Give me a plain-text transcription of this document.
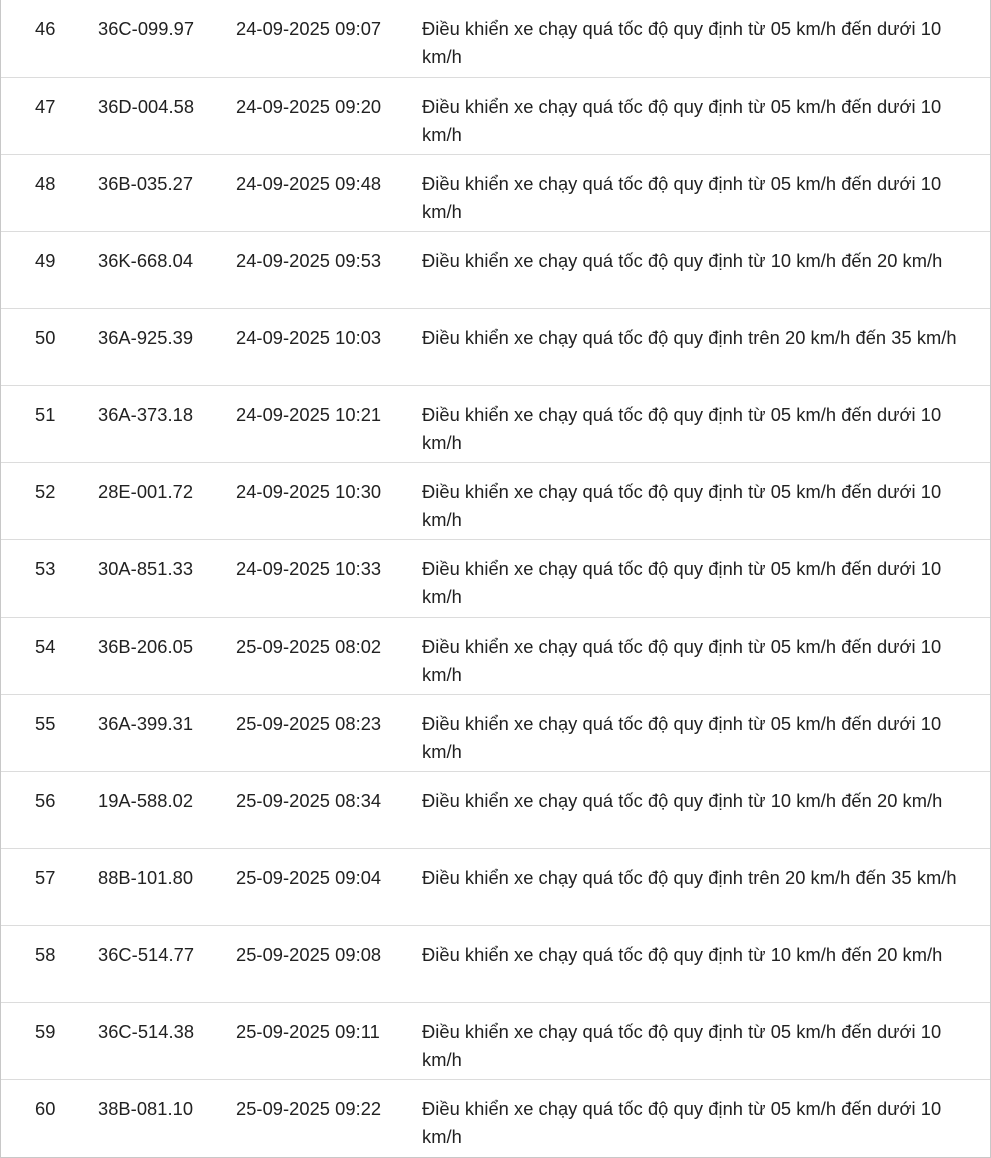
46	36C-099.97	24-09-2025 09:07	Điều khiển xe chạy quá tốc độ quy định từ 05 km/h đến dưới 10 km/h
47	36D-004.58	24-09-2025 09:20	Điều khiển xe chạy quá tốc độ quy định từ 05 km/h đến dưới 10 km/h
48	36B-035.27	24-09-2025 09:48	Điều khiển xe chạy quá tốc độ quy định từ 05 km/h đến dưới 10 km/h
49	36K-668.04	24-09-2025 09:53	Điều khiển xe chạy quá tốc độ quy định từ 10 km/h đến 20 km/h
50	36A-925.39	24-09-2025 10:03	Điều khiển xe chạy quá tốc độ quy định trên 20 km/h đến 35 km/h
51	36A-373.18	24-09-2025 10:21	Điều khiển xe chạy quá tốc độ quy định từ 05 km/h đến dưới 10 km/h
52	28E-001.72	24-09-2025 10:30	Điều khiển xe chạy quá tốc độ quy định từ 05 km/h đến dưới 10 km/h
53	30A-851.33	24-09-2025 10:33	Điều khiển xe chạy quá tốc độ quy định từ 05 km/h đến dưới 10 km/h
54	36B-206.05	25-09-2025 08:02	Điều khiển xe chạy quá tốc độ quy định từ 05 km/h đến dưới 10 km/h
55	36A-399.31	25-09-2025 08:23	Điều khiển xe chạy quá tốc độ quy định từ 05 km/h đến dưới 10 km/h
56	19A-588.02	25-09-2025 08:34	Điều khiển xe chạy quá tốc độ quy định từ 10 km/h đến 20 km/h
57	88B-101.80	25-09-2025 09:04	Điều khiển xe chạy quá tốc độ quy định trên 20 km/h đến 35 km/h
58	36C-514.77	25-09-2025 09:08	Điều khiển xe chạy quá tốc độ quy định từ 10 km/h đến 20 km/h
59	36C-514.38	25-09-2025 09:11	Điều khiển xe chạy quá tốc độ quy định từ 05 km/h đến dưới 10 km/h
60	38B-081.10	25-09-2025 09:22	Điều khiển xe chạy quá tốc độ quy định từ 05 km/h đến dưới 10 km/h
